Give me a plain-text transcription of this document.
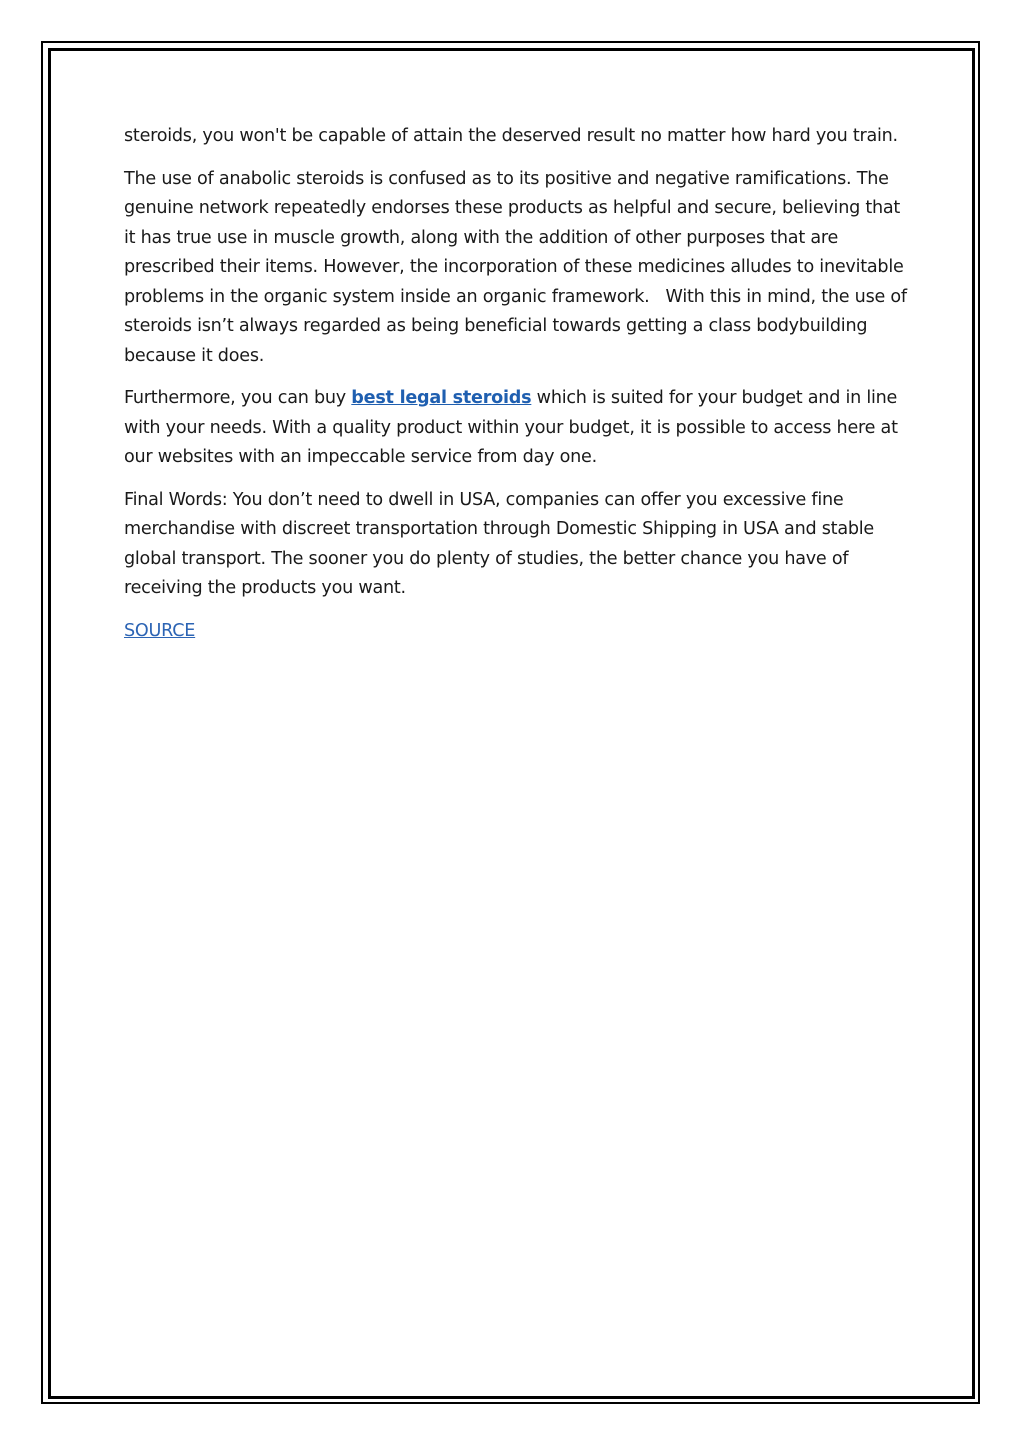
steroids, you won't be capable of attain the deserved result no matter how hard you train.

The use of anabolic steroids is confused as to its positive and negative ramifications. The genuine network repeatedly endorses these products as helpful and secure, believing that it has true use in muscle growth, along with the addition of other purposes that are prescribed their items. However, the incorporation of these medicines alludes to inevitable problems in the organic system inside an organic framework.   With this in mind, the use of steroids isn’t always regarded as being beneficial towards getting a class bodybuilding because it does.

Furthermore, you can buy best legal steroids which is suited for your budget and in line with your needs. With a quality product within your budget, it is possible to access here at our websites with an impeccable service from day one.

Final Words: You don’t need to dwell in USA, companies can offer you excessive fine merchandise with discreet transportation through Domestic Shipping in USA and stable global transport. The sooner you do plenty of studies, the better chance you have of receiving the products you want.

SOURCE
